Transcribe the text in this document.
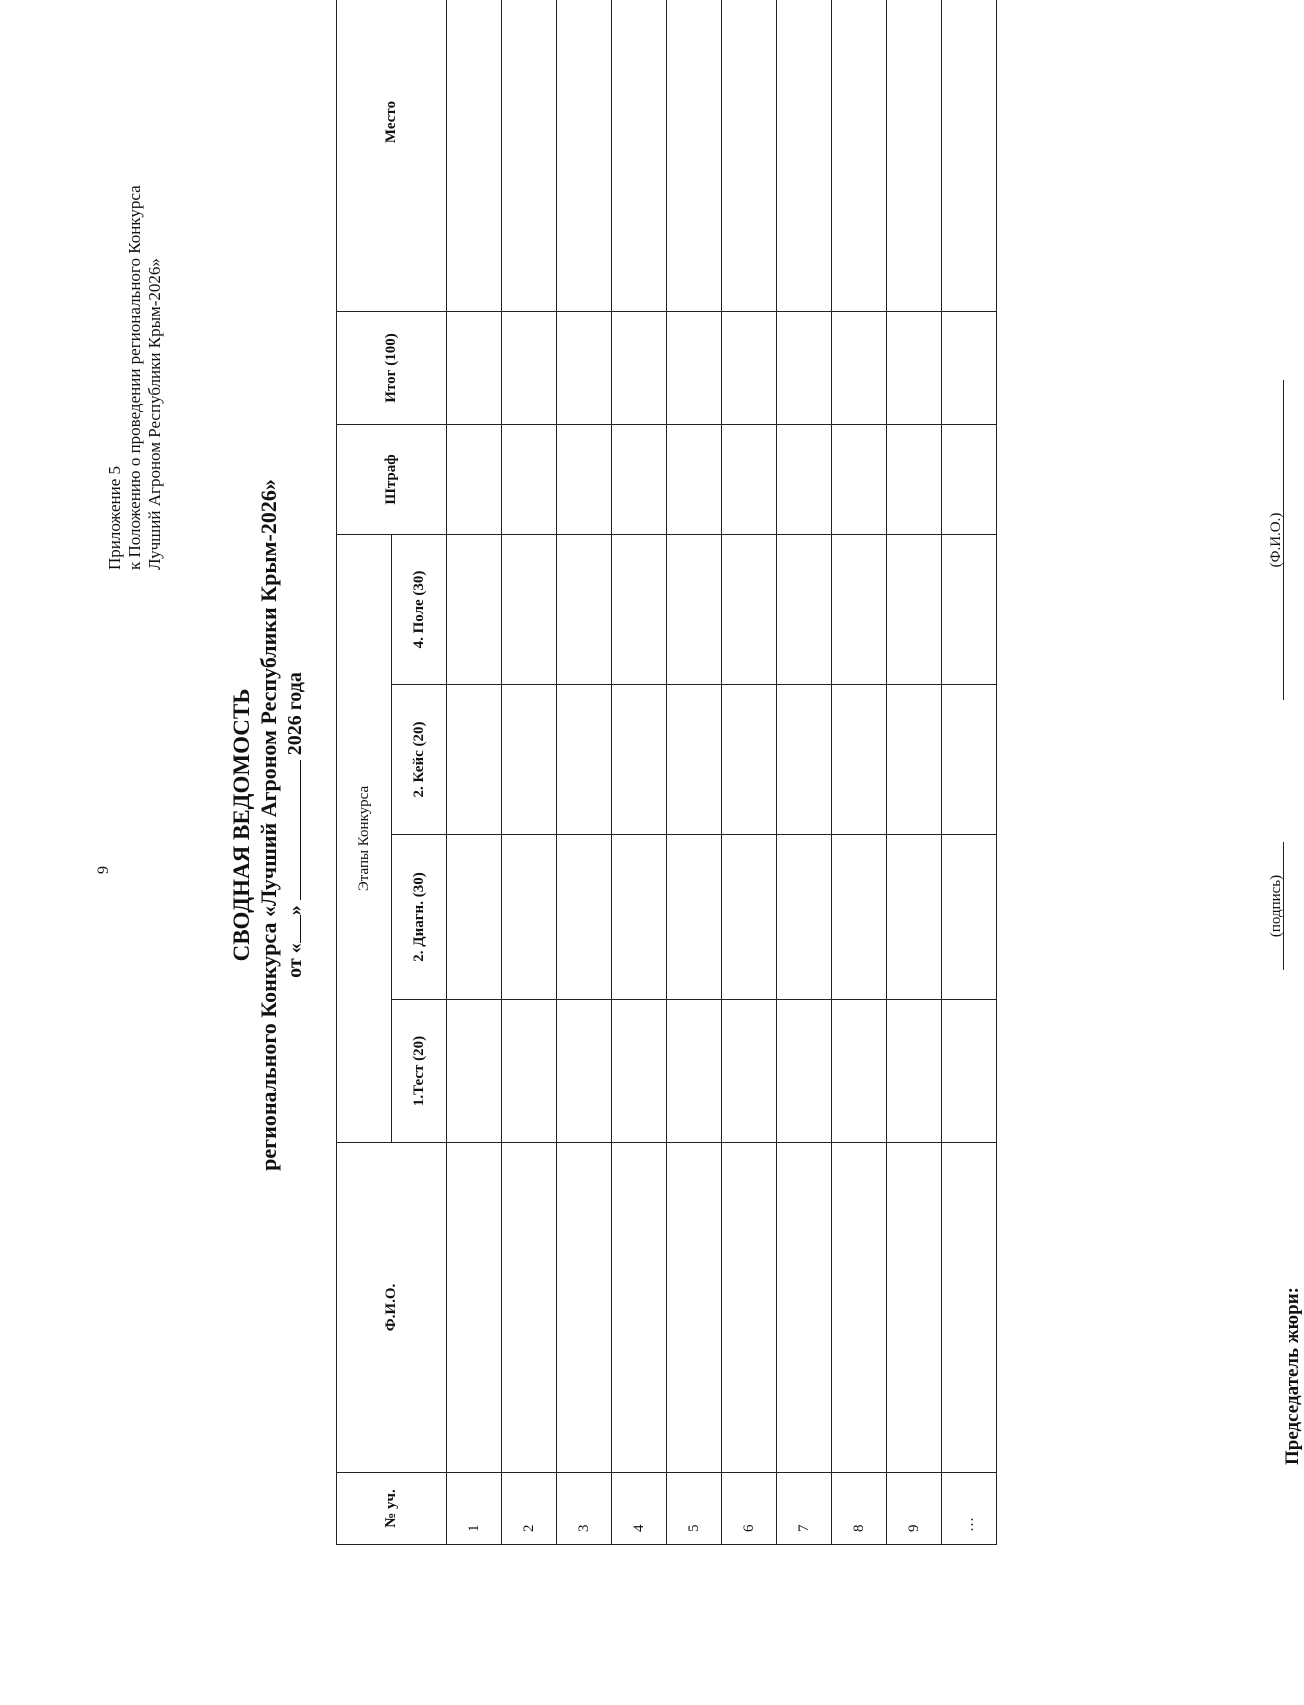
9
Приложение 5 к Положению о проведении регионального Конкурса Лучший Агроном Республики Крым-2026»
СВОДНАЯ ВЕДОМОСТЬ регионального Конкурса «Лучший Агроном Республики Крым-2026» от «»  2026 года
№ уч.	Ф.И.О.	Этапы Конкурса				Штраф	Итог (100)	Место
		1.Тест (20)	2. Диагн. (30)	2. Кейс (20)	4. Поле (30)			
1								
2								
3								
4								
5								
6								
7								
8								
9								
…								
Председатель жюри:
(подпись)
(Ф.И.О.)
